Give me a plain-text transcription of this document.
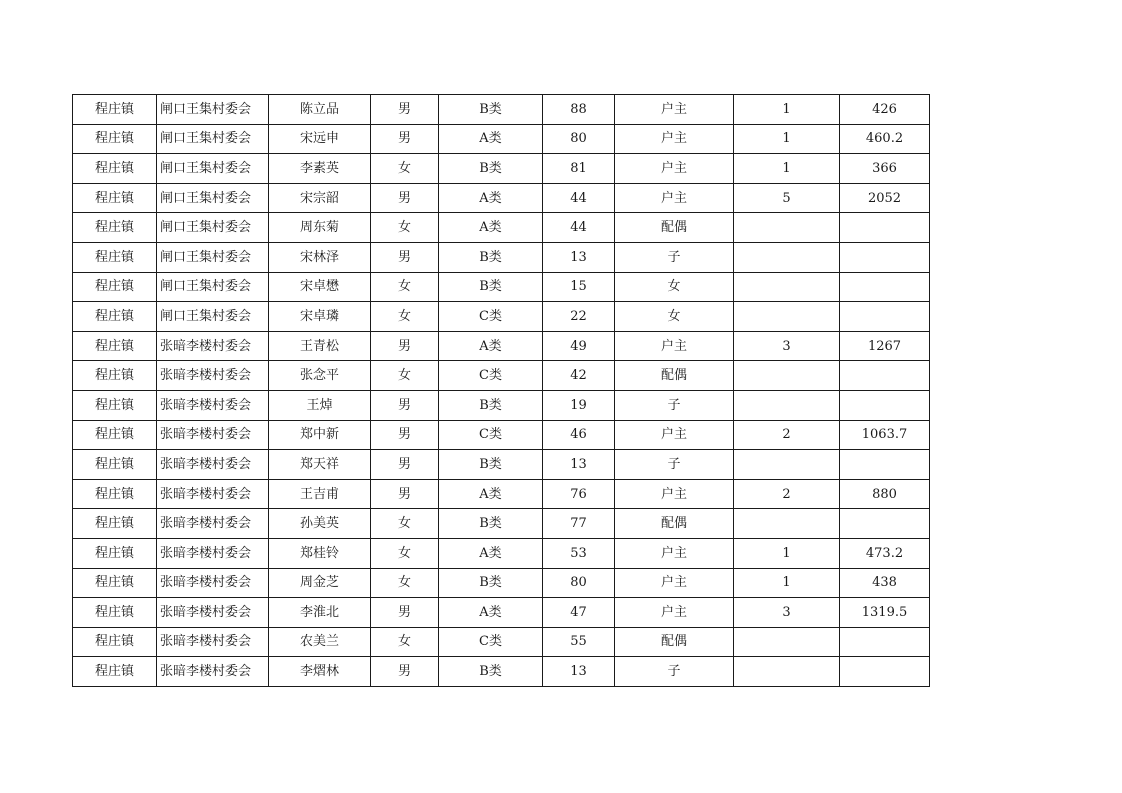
程庄镇	闸口王集村委会	陈立品	男	B类	88	户主	1	426
程庄镇	闸口王集村委会	宋远申	男	A类	80	户主	1	460.2
程庄镇	闸口王集村委会	李素英	女	B类	81	户主	1	366
程庄镇	闸口王集村委会	宋宗韶	男	A类	44	户主	5	2052
程庄镇	闸口王集村委会	周东菊	女	A类	44	配偶		
程庄镇	闸口王集村委会	宋林泽	男	B类	13	子		
程庄镇	闸口王集村委会	宋卓懋	女	B类	15	女		
程庄镇	闸口王集村委会	宋卓璘	女	C类	22	女		
程庄镇	张暗李楼村委会	王青松	男	A类	49	户主	3	1267
程庄镇	张暗李楼村委会	张念平	女	C类	42	配偶		
程庄镇	张暗李楼村委会	王焯	男	B类	19	子		
程庄镇	张暗李楼村委会	郑中新	男	C类	46	户主	2	1063.7
程庄镇	张暗李楼村委会	郑天祥	男	B类	13	子		
程庄镇	张暗李楼村委会	王吉甫	男	A类	76	户主	2	880
程庄镇	张暗李楼村委会	孙美英	女	B类	77	配偶		
程庄镇	张暗李楼村委会	郑桂铃	女	A类	53	户主	1	473.2
程庄镇	张暗李楼村委会	周金芝	女	B类	80	户主	1	438
程庄镇	张暗李楼村委会	李淮北	男	A类	47	户主	3	1319.5
程庄镇	张暗李楼村委会	农美兰	女	C类	55	配偶		
程庄镇	张暗李楼村委会	李熠林	男	B类	13	子		
